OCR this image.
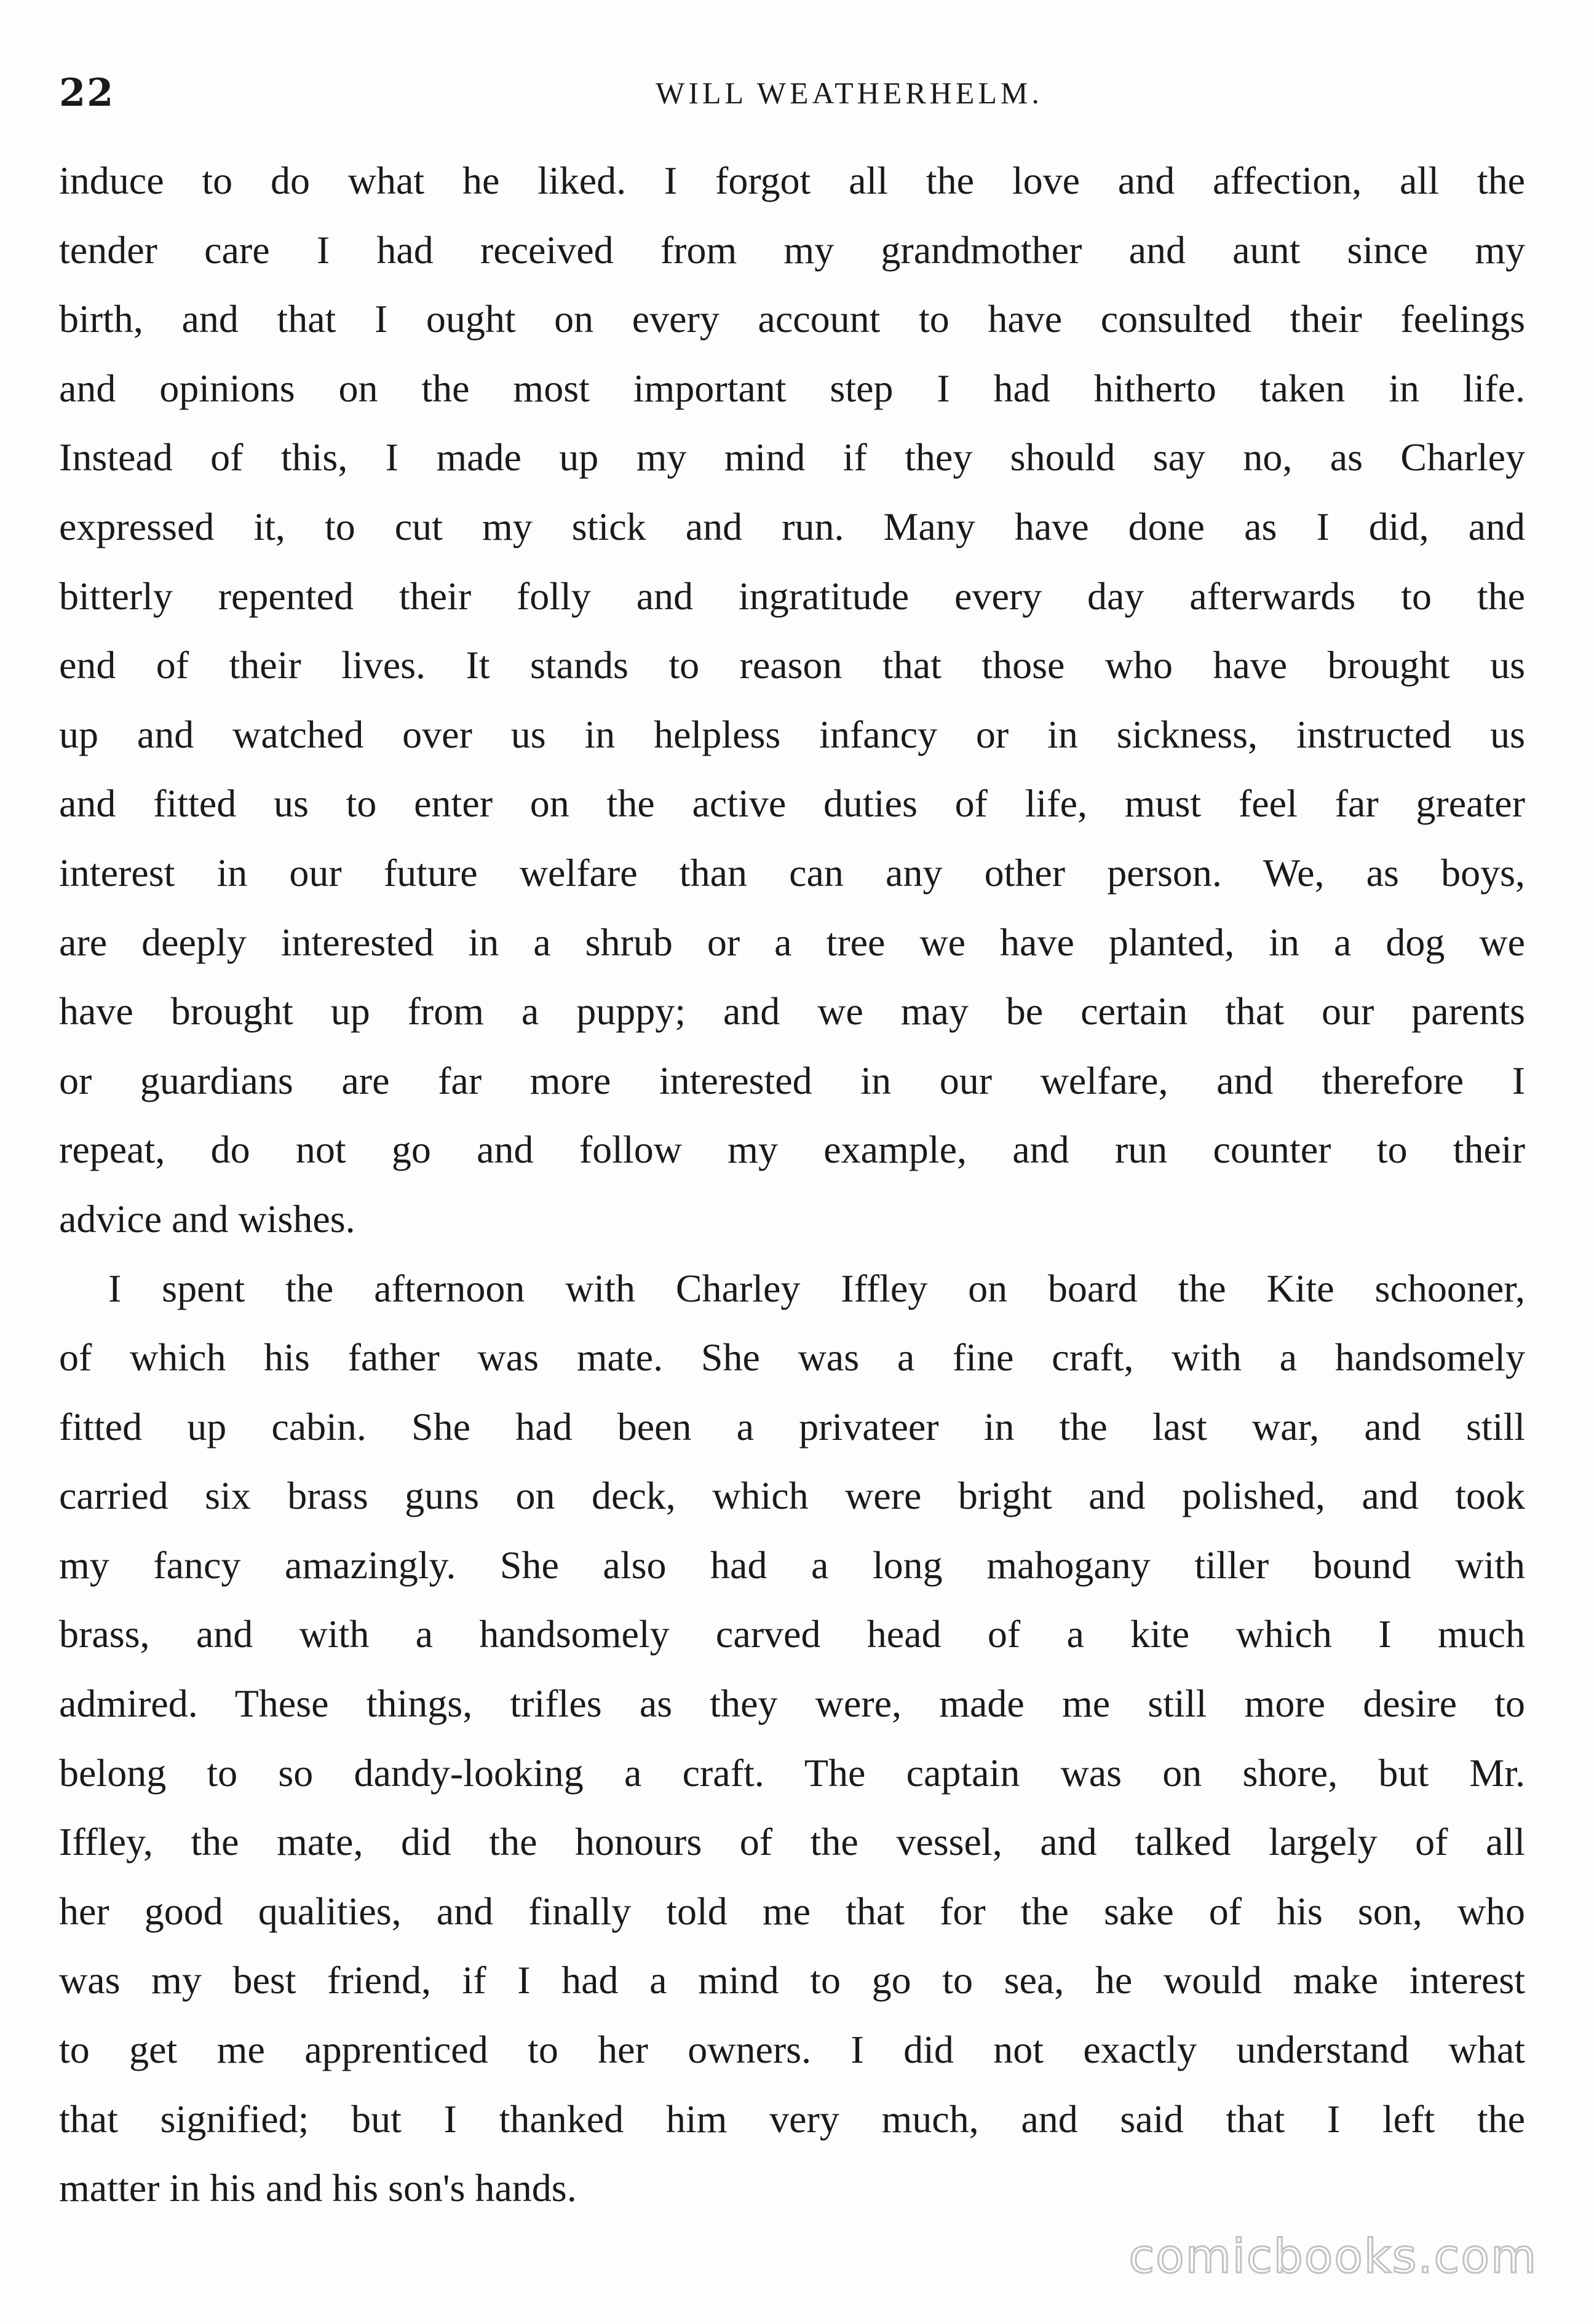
22	WILL WEATHERHELM.
induce to do what he liked. I forgot all the love and affection, all the
tender care I had received from my grandmother and aunt since my
birth, and that I ought on every account to have consulted their feelings
and opinions on the most important step I had hitherto taken in life.
Instead of this, I made up my mind if they should say no, as Charley
expressed it, to cut my stick and run. Many have done as I did, and
bitterly repented their folly and ingratitude every day afterwards to the
end of their lives. It stands to reason that those who have brought us
up and watched over us in helpless infancy or in sickness, instructed us
and fitted us to enter on the active duties of life, must feel far greater
interest in our future welfare than can any other person. We, as boys,
are deeply interested in a shrub or a tree we have planted, in a dog we
have brought up from a puppy; and we may be certain that our parents
or guardians are far more interested in our welfare, and therefore I
repeat, do not go and follow my example, and run counter to their
advice and wishes.
I spent the afternoon with Charley Iffley on board the Kite schooner,
of which his father was mate. She was a fine craft, with a handsomely
fitted up cabin. She had been a privateer in the last war, and still
carried six brass guns on deck, which were bright and polished, and took
my fancy amazingly. She also had a long mahogany tiller bound with
brass, and with a handsomely carved head of a kite which I much
admired. These things, trifles as they were, made me still more desire to
belong to so dandy-looking a craft. The captain was on shore, but Mr.
Iffley, the mate, did the honours of the vessel, and talked largely of all
her good qualities, and finally told me that for the sake of his son, who
was my best friend, if I had a mind to go to sea, he would make interest
to get me apprenticed to her owners. I did not exactly understand what
that signified; but I thanked him very much, and said that I left the
matter in his and his son's hands.
comicbooks.com
